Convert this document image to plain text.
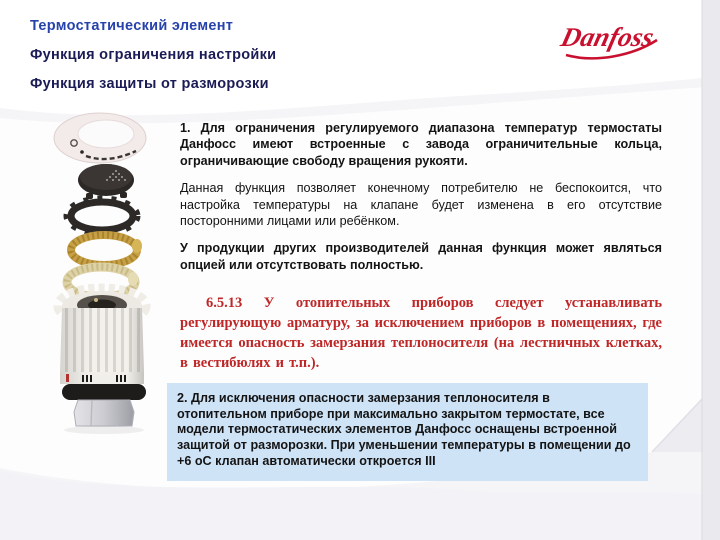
Термостатический элемент
Функция ограничения настройки
Функция защиты от разморозки
Danfoss

1. Для ограничения регулируемого диапазона температур термостаты Данфосс имеют встроенные с завода ограничительные кольца, ограничивающие свободу вращения рукояти.

Данная функция позволяет конечному потребителю не беспокоится, что настройка температуры на клапане будет изменена в его отсутствие посторонними лицами или ребёнком.

У продукции других производителей данная функция может являться опцией или отсутствовать полностью.

6.5.13 У отопительных приборов следует устанавливать регулирующую арматуру, за исключением приборов в помещениях, где имеется опасность замерзания теплоносителя (на лестничных клетках, в вестибюлях и т.п.).

2. Для исключения опасности замерзания теплоносителя в отопительном приборе при максимально закрытом термостате, все модели термостатических элементов Данфосс оснащены встроенной защитой от разморозки. При уменьшении температуры в помещении до +6 оС клапан автоматически откроется III
